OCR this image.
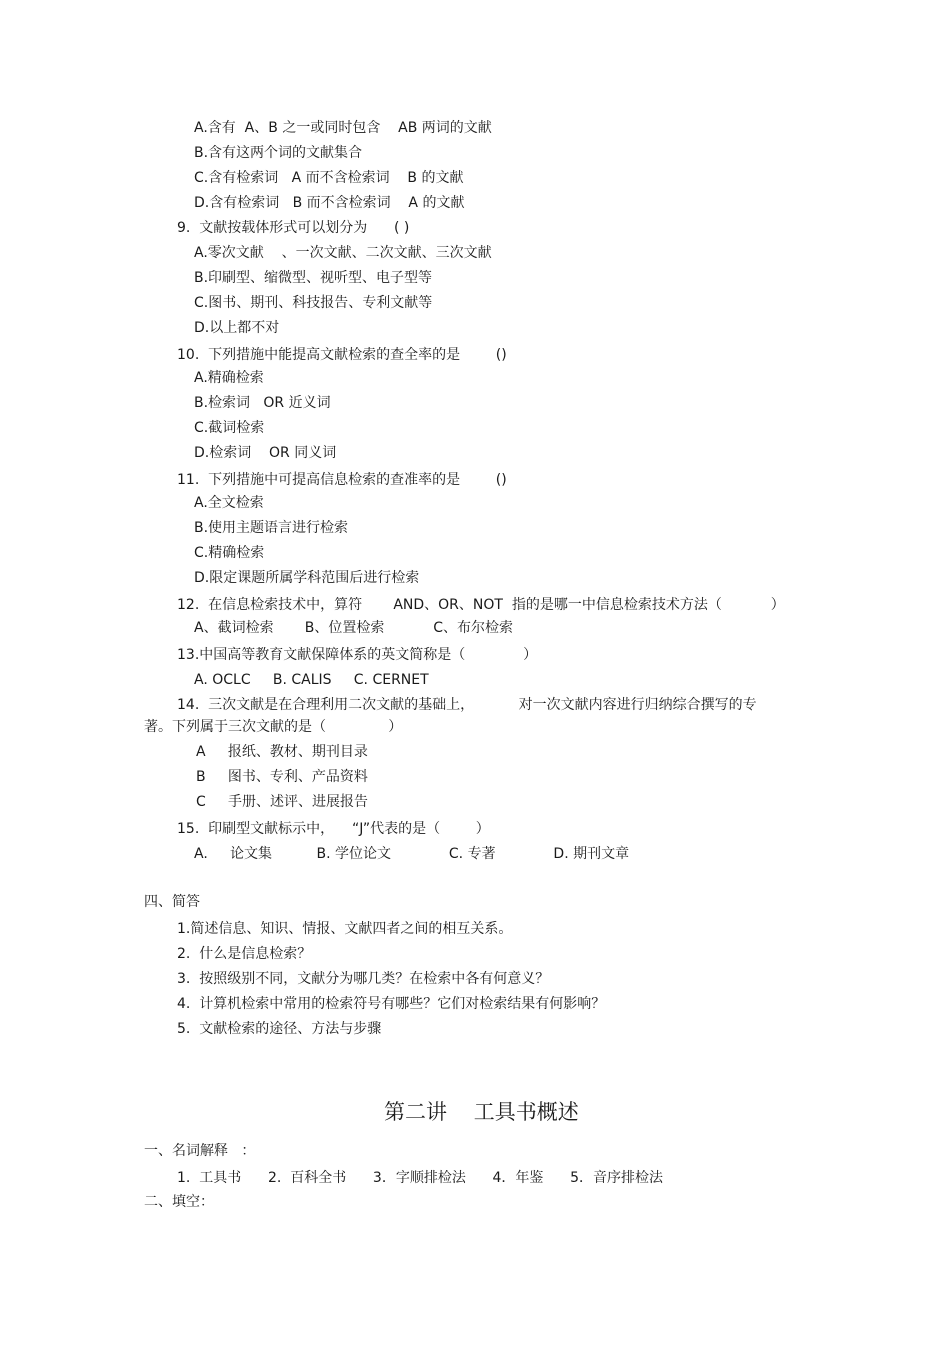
A.含有  A、B 之一或同时包含    AB 两词的文献
B.含有这两个词的文献集合
C.含有检索词   A 而不含检索词    B 的文献
D.含有检索词   B 而不含检索词    A 的文献
9.  文献按载体形式可以划分为      ( )
A.零次文献    、一次文献、二次文献、三次文献
B.印刷型、缩微型、视听型、电子型等
C.图书、期刊、科技报告、专利文献等
D.以上都不对
10.  下列措施中能提高文献检索的查全率的是        ()
A.精确检索
B.检索词   OR 近义词
C.截词检索
D.检索词    OR 同义词
11.  下列措施中可提高信息检索的查准率的是        ()
A.全文检索
B.使用主题语言进行检索
C.精确检索
D.限定课题所属学科范围后进行检索
12.  在信息检索技术中，算符       AND、OR、NOT  指的是哪一中信息检索技术方法（           ）
A、截词检索       B、位置检索           C、布尔检索
13.中国高等教育文献保障体系的英文简称是（             ）
A. OCLC     B. CALIS     C. CERNET
14.  三次文献是在合理利用二次文献的基础上，          对一次文献内容进行归纳综合撰写的专
著。下列属于三次文献的是（              ）
A     报纸、教材、期刊目录
B     图书、专利、产品资料
C     手册、述评、进展报告
15.  印刷型文献标示中，    “J”代表的是（        ）
A.     论文集          B. 学位论文             C. 专著             D. 期刊文章
四、简答
1.简述信息、知识、情报、文献四者之间的相互关系。
2.  什么是信息检索？
3.  按照级别不同，文献分为哪几类？在检索中各有何意义？
4.  计算机检索中常用的检索符号有哪些？它们对检索结果有何影响？
5.  文献检索的途径、方法与步骤
第二讲    工具书概述
一、名词解释   ：
1.  工具书      2.  百科全书      3．字顺排检法      4．年鉴      5．音序排检法
二、填空：
